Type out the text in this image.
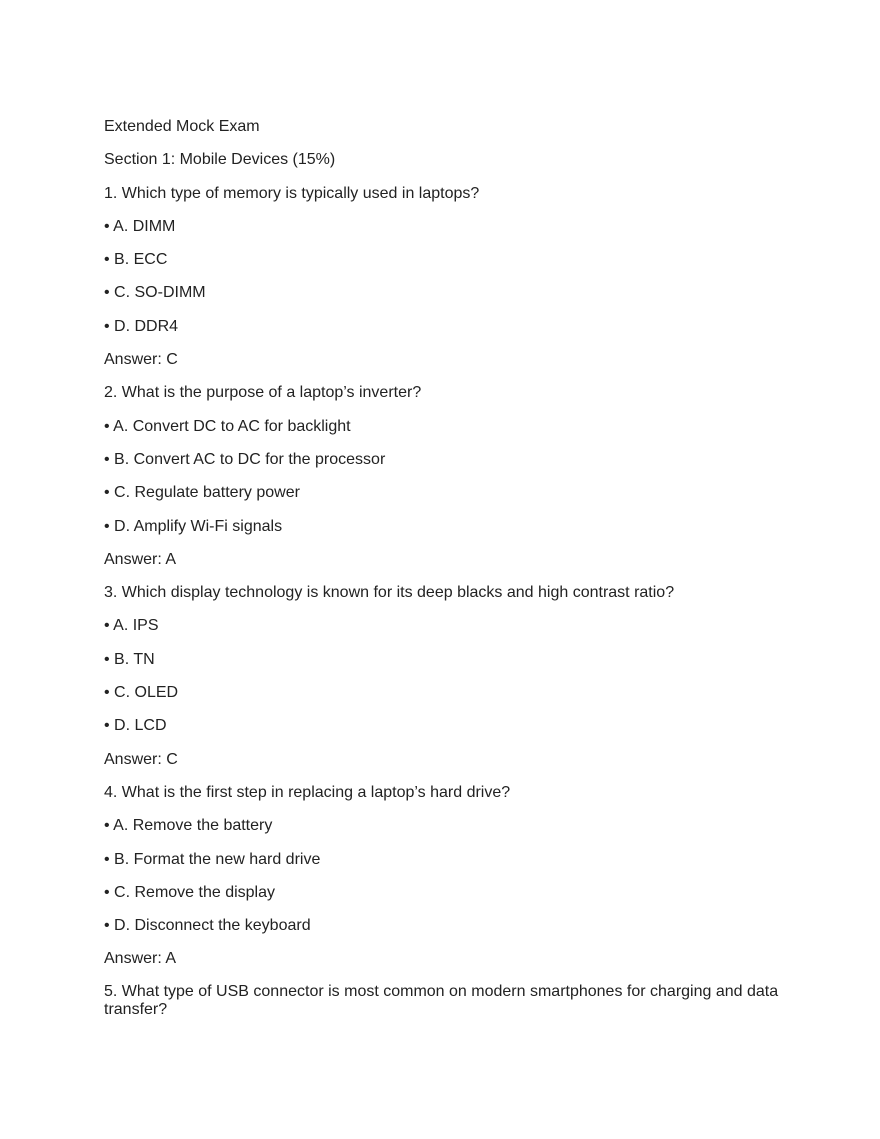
Extended Mock Exam
Section 1: Mobile Devices (15%)
1. Which type of memory is typically used in laptops?
• A. DIMM
• B. ECC
• C. SO-DIMM
• D. DDR4
Answer: C
2. What is the purpose of a laptop’s inverter?
• A. Convert DC to AC for backlight
• B. Convert AC to DC for the processor
• C. Regulate battery power
• D. Amplify Wi-Fi signals
Answer: A
3. Which display technology is known for its deep blacks and high contrast ratio?
• A. IPS
• B. TN
• C. OLED
• D. LCD
Answer: C
4. What is the first step in replacing a laptop’s hard drive?
• A. Remove the battery
• B. Format the new hard drive
• C. Remove the display
• D. Disconnect the keyboard
Answer: A
5. What type of USB connector is most common on modern smartphones for charging and data transfer?
